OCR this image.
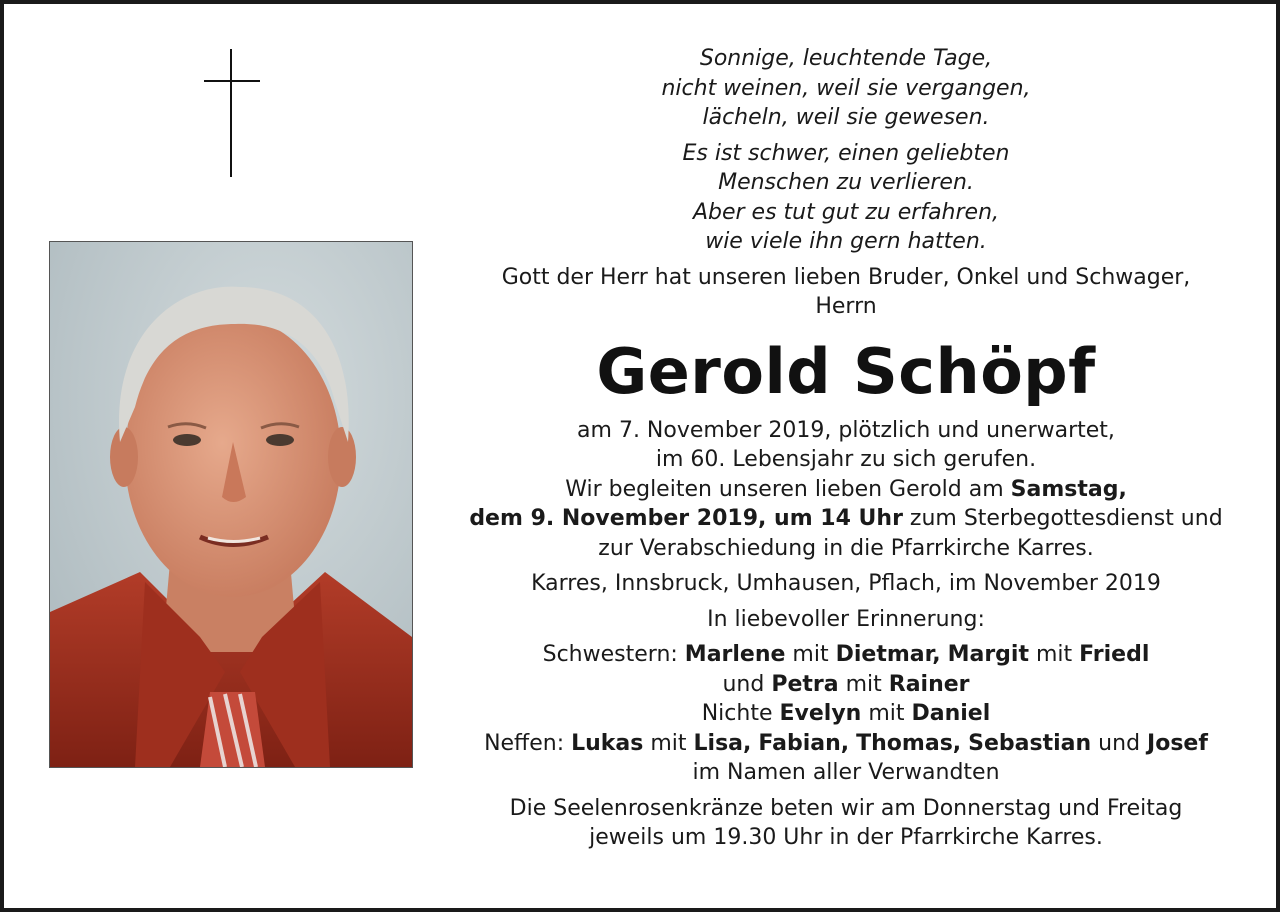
Sonnige, leuchtende Tage,
nicht weinen, weil sie vergangen,
lächeln, weil sie gewesen.
Es ist schwer, einen geliebten
Menschen zu verlieren.
Aber es tut gut zu erfahren,
wie viele ihn gern hatten.
Gott der Herr hat unseren lieben Bruder, Onkel und Schwager,
Herrn
Gerold Schöpf
am 7. November 2019, plötzlich und unerwartet,
im 60. Lebensjahr zu sich gerufen.
Wir begleiten unseren lieben Gerold am Samstag,
dem 9. November 2019, um 14 Uhr zum Sterbegottesdienst und
zur Verabschiedung in die Pfarrkirche Karres.
Karres, Innsbruck, Umhausen, Pflach, im November 2019
In liebevoller Erinnerung:
Schwestern: Marlene mit Dietmar, Margit mit Friedl
und Petra mit Rainer
Nichte Evelyn mit Daniel
Neffen: Lukas mit Lisa, Fabian, Thomas, Sebastian und Josef
im Namen aller Verwandten
Die Seelenrosenkränze beten wir am Donnerstag und Freitag
jeweils um 19.30 Uhr in der Pfarrkirche Karres.
